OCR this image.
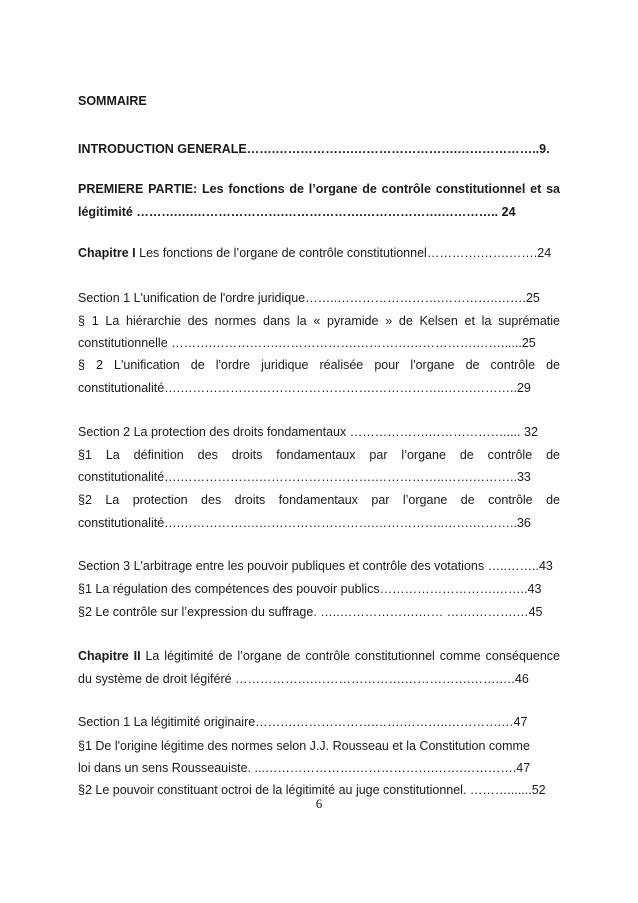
SOMMAIRE
INTRODUCTION GENERALE…….……………….…………………….………………..9.
PREMIERE PARTIE: Les fonctions de l’organe de contrôle constitutionnel et sa
légitimité ……….….………………….……………….……………….………….. 24
Chapitre I Les fonctions de l’organe de contrôle constitutionnel………….…….…….24
Section 1 L'unification de l'ordre juridique……..…………………….…………..…….25
§ 1 La hiérarchie des normes dans la « pyramide » de Kelsen et la suprématie
constitutionnelle ……….…………….……………….………….…………….……......25
§ 2 L'unification de l'ordre juridique réalisée pour l'organe de contrôle de
constitutionalité….……………….……………………….……………..…….………..29
Section 2 La protection des droits fondamentaux ……………….………………..... 32
§1 La définition des droits fondamentaux par l’organe de contrôle de
constitutionalité….……………….……………………….……………..…….………..33
§2 La protection des droits fondamentaux par l’organe de contrôle de
constitutionalité….……………….……………………….……………..…….………..36
Section 3 L'arbitrage entre les pouvoir publiques et contrôle des votations …..……..43
§1 La régulation des compétences des pouvoir publics……………………….……..43
§2 Le contrôle sur l’expression du suffrage. …..……………….…… …….……….…45
Chapitre II La légitimité de l’organe de contrôle constitutionnel comme conséquence
du système de droit légiféré ……………….………………….…………….…….….46
Section 1 La légitimité originaire……….……………….…….………..………….…47
§1 De l'origine légitime des normes selon J.J. Rousseau et la Constitution comme
loi dans un sens Rousseauiste. ...………………….……………….…….………….47
§2 Le pouvoir constituant octroi de la légitimité au juge constitutionnel. ……….......52
6
